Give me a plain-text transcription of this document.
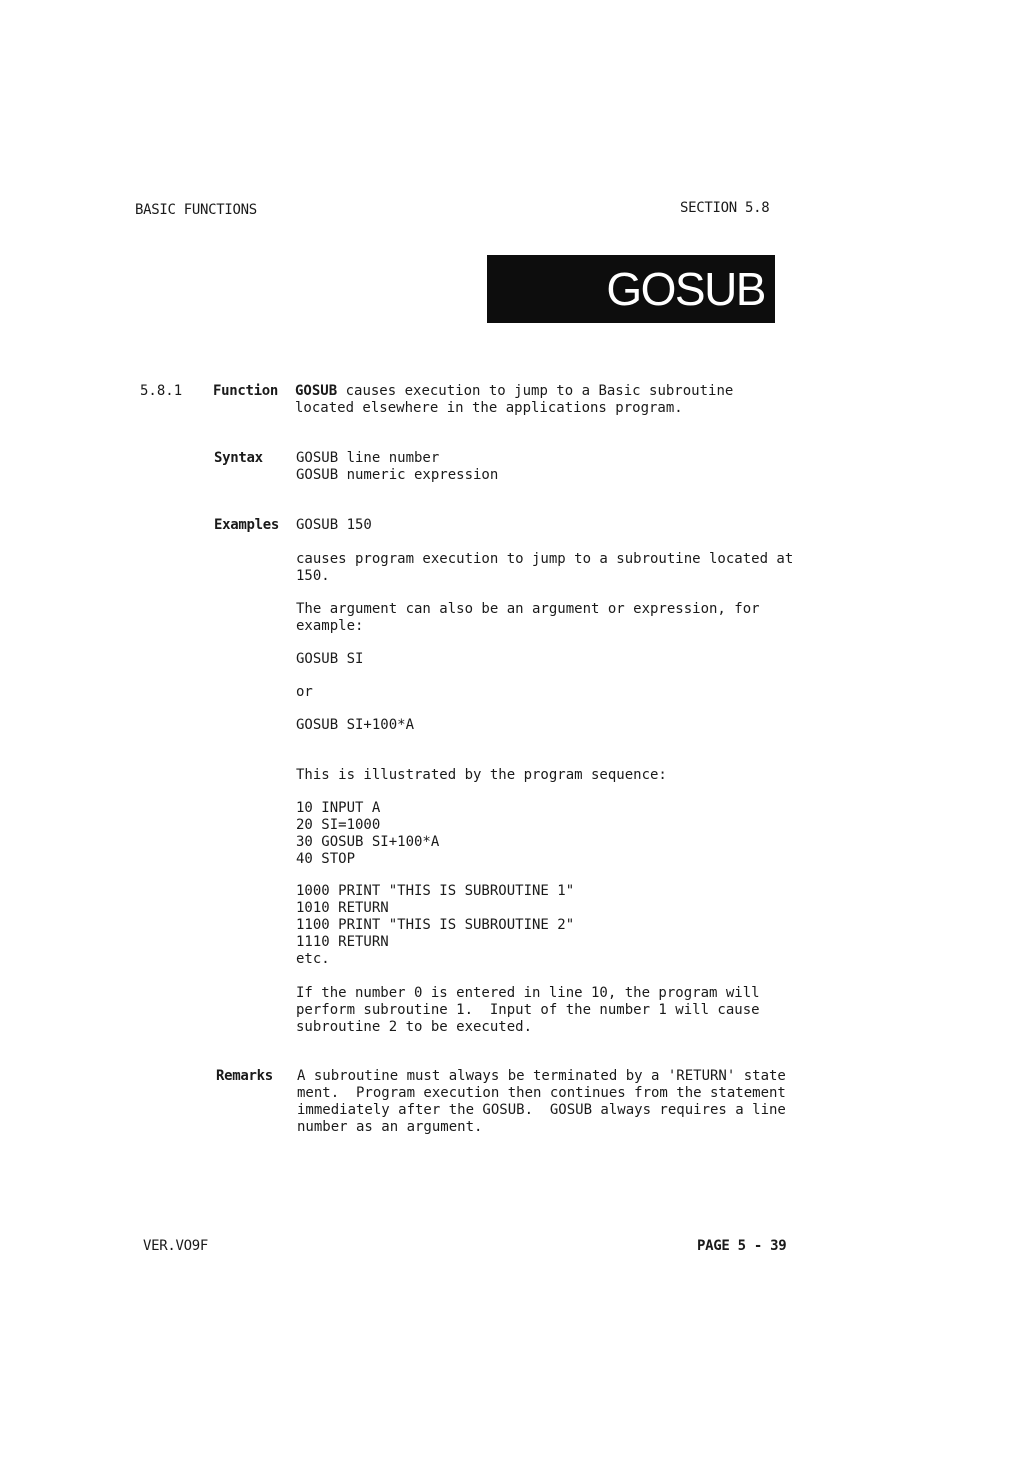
BASIC FUNCTIONS	SECTION 5.8
GOSUB
5.8.1 Function GOSUB causes execution to jump to a Basic subroutine
located elsewhere in the applications program.
Syntax GOSUB line number
GOSUB numeric expression
Examples GOSUB 150
causes program execution to jump to a subroutine located at
150.
The argument can also be an argument or expression, for
example:
GOSUB SI
or
GOSUB SI+100*A
This is illustrated by the program sequence:
10 INPUT A
20 SI=1000
30 GOSUB SI+100*A
40 STOP
1000 PRINT "THIS IS SUBROUTINE 1"
1010 RETURN
1100 PRINT "THIS IS SUBROUTINE 2"
1110 RETURN
etc.
If the number 0 is entered in line 10, the program will
perform subroutine 1.  Input of the number 1 will cause
subroutine 2 to be executed.
Remarks A subroutine must always be terminated by a 'RETURN' state
ment.  Program execution then continues from the statement
immediately after the GOSUB.  GOSUB always requires a line
number as an argument.
VER.VO9F	PAGE 5 - 39
